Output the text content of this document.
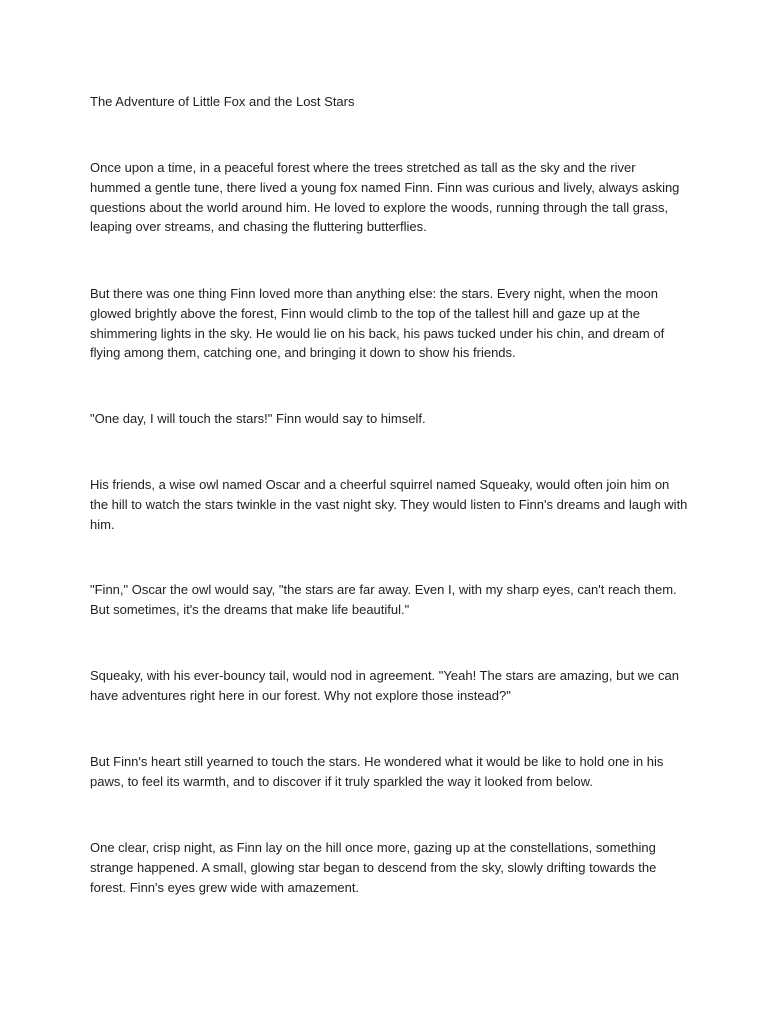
The Adventure of Little Fox and the Lost Stars

Once upon a time, in a peaceful forest where the trees stretched as tall as the sky and the river hummed a gentle tune, there lived a young fox named Finn. Finn was curious and lively, always asking questions about the world around him. He loved to explore the woods, running through the tall grass, leaping over streams, and chasing the fluttering butterflies.

But there was one thing Finn loved more than anything else: the stars. Every night, when the moon glowed brightly above the forest, Finn would climb to the top of the tallest hill and gaze up at the shimmering lights in the sky. He would lie on his back, his paws tucked under his chin, and dream of flying among them, catching one, and bringing it down to show his friends.

"One day, I will touch the stars!" Finn would say to himself.

His friends, a wise owl named Oscar and a cheerful squirrel named Squeaky, would often join him on the hill to watch the stars twinkle in the vast night sky. They would listen to Finn's dreams and laugh with him.

"Finn," Oscar the owl would say, "the stars are far away. Even I, with my sharp eyes, can't reach them. But sometimes, it's the dreams that make life beautiful."

Squeaky, with his ever-bouncy tail, would nod in agreement. "Yeah! The stars are amazing, but we can have adventures right here in our forest. Why not explore those instead?"

But Finn's heart still yearned to touch the stars. He wondered what it would be like to hold one in his paws, to feel its warmth, and to discover if it truly sparkled the way it looked from below.

One clear, crisp night, as Finn lay on the hill once more, gazing up at the constellations, something strange happened. A small, glowing star began to descend from the sky, slowly drifting towards the forest. Finn's eyes grew wide with amazement.
